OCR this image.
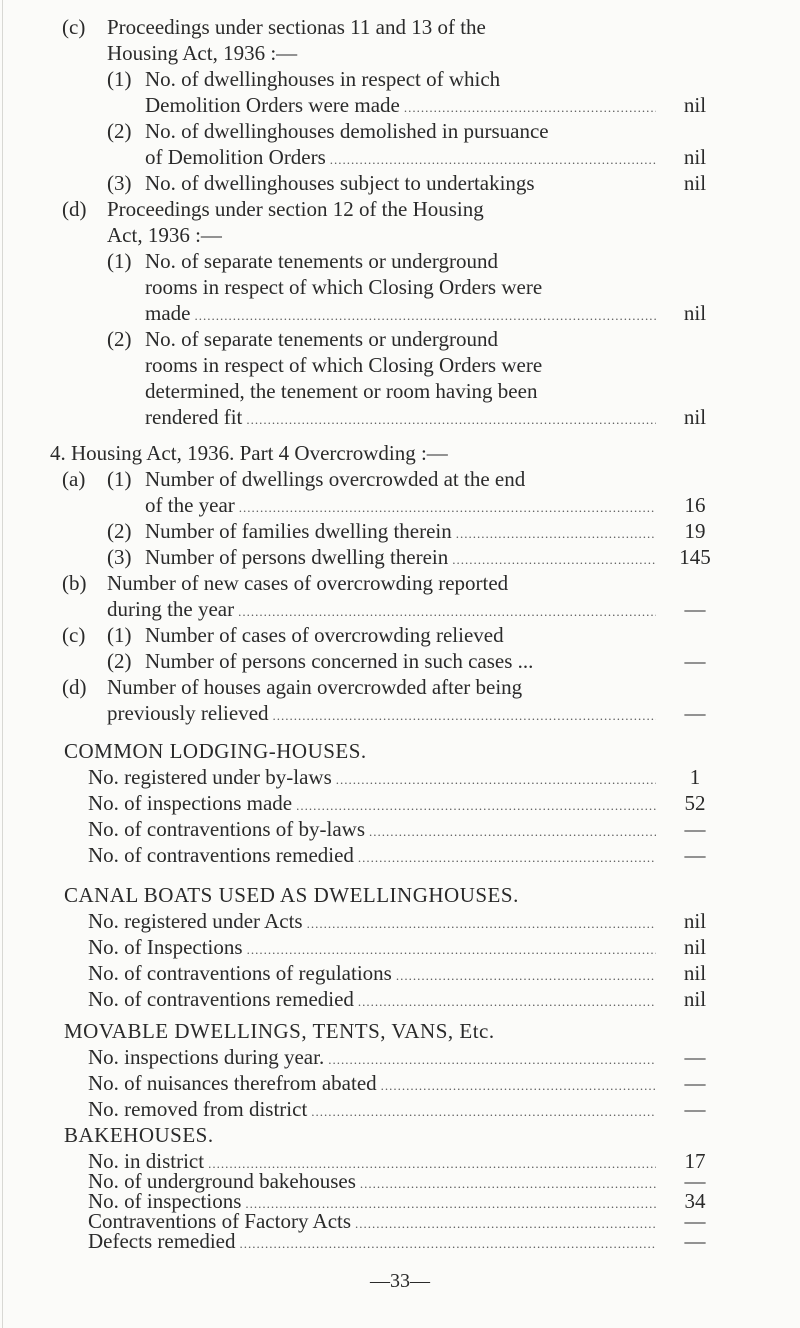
(c) Proceedings under sectionas 11 and 13 of the
Housing Act, 1936 :—
(1) No. of dwellinghouses in respect of which
Demolition Orders were made .....	nil
(2) No. of dwellinghouses demolished in pursuance
of Demolition Orders .....	nil
(3) No. of dwellinghouses subject to undertakings	nil
(d) Proceedings under section 12 of the Housing
Act, 1936 :—
(1) No. of separate tenements or underground
rooms in respect of which Closing Orders were
made .....	nil
(2) No. of separate tenements or underground
rooms in respect of which Closing Orders were
determined, the tenement or room having been
rendered fit .....	nil
4. Housing Act, 1936. Part 4 Overcrowding :—
(a) (1) Number of dwellings overcrowded at the end
of the year .....	16
(2) Number of families dwelling therein .....	19
(3) Number of persons dwelling therein .....	145
(b) Number of new cases of overcrowding reported
during the year .....	—
(c) (1) Number of cases of overcrowding relieved
(2) Number of persons concerned in such cases ...	—
(d) Number of houses again overcrowded after being
previously relieved .....	—
COMMON LODGING-HOUSES.
No. registered under by-laws .....	1
No. of inspections made .....	52
No. of contraventions of by-laws .....	—
No. of contraventions remedied .....	—
CANAL BOATS USED AS DWELLINGHOUSES.
No. registered under Acts .....	nil
No. of Inspections .....	nil
No. of contraventions of regulations .....	nil
No. of contraventions remedied .....	nil
MOVABLE DWELLINGS, TENTS, VANS, Etc.
No. inspections during year. .....	—
No. of nuisances therefrom abated .....	—
No. removed from district .....	—
BAKEHOUSES.
No. in district .....	17
No. of underground bakehouses .....	—
No. of inspections .....	34
Contraventions of Factory Acts .....	—
Defects remedied .....	—
—33—
